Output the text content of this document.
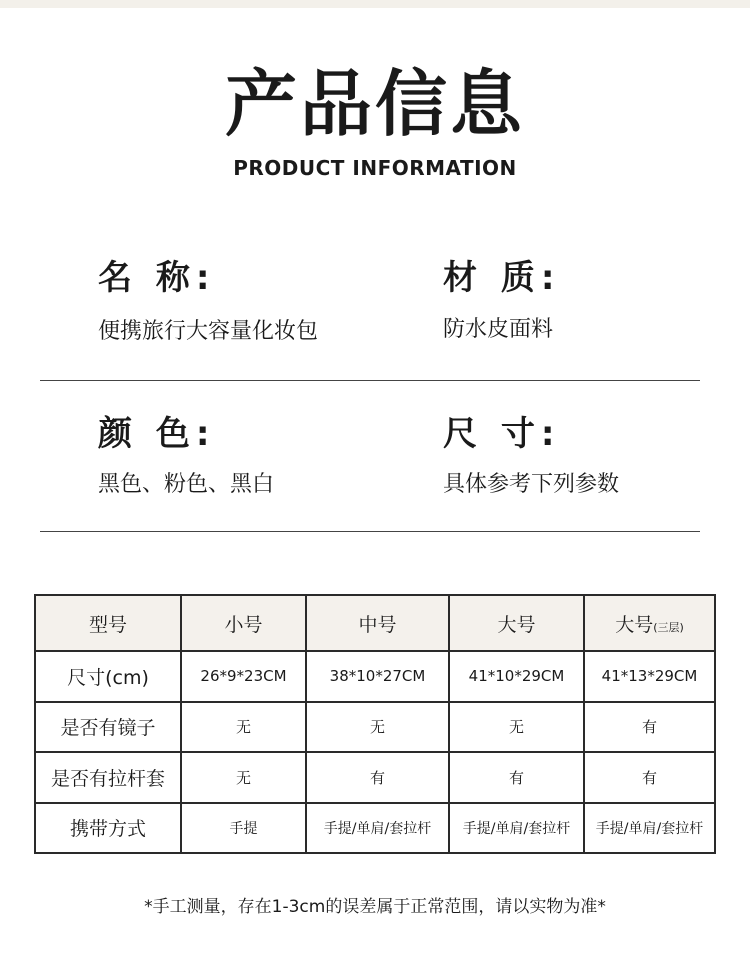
产品信息
PRODUCT INFORMATION
名 称:
便携旅行大容量化妆包
材 质:
防水皮面料
颜 色:
黑色、粉色、黑白
尺 寸:
具体参考下列参数
型号	小号	中号	大号	大号(三层)
尺寸(cm)	26*9*23CM	38*10*27CM	41*10*29CM	41*13*29CM
是否有镜子	无	无	无	有
是否有拉杆套	无	有	有	有
携带方式	手提	手提/单肩/套拉杆	手提/单肩/套拉杆	手提/单肩/套拉杆
*手工测量，存在1-3cm的误差属于正常范围，请以实物为准*
